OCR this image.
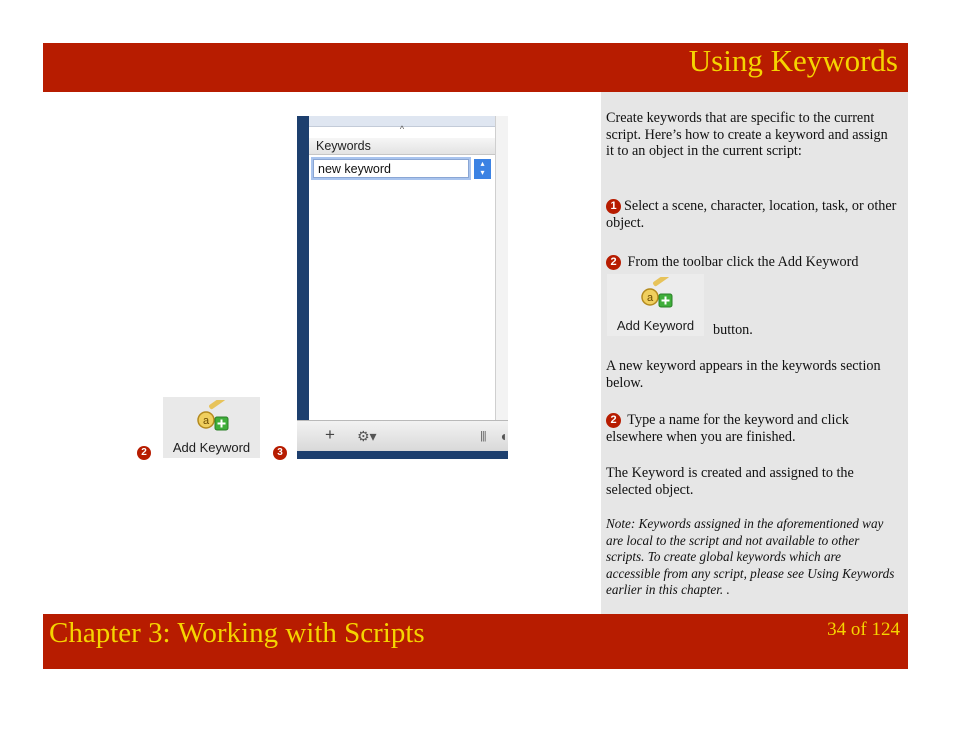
Using Keywords
a
Add Keyword
2	3
^
Keywords
new keyword	▴
▾
+ ⚙▾	||| ◖

Create keywords that are specific to the current script. Here’s how to create a keyword and assign it to an object in the current script:

1 Select a scene, character, location, task, or other object.

2 From the toolbar click the Add Keyword

a
Add Keyword	button.

A new keyword appears in the keywords section below.

2 Type a name for the keyword and click elsewhere when you are finished.

The Keyword is created and assigned to the selected object.

Note: Keywords assigned in the aforementioned way are local to the script and not available to other scripts. To create global keywords which are accessible from any script, please see Using Keywords earlier in this chapter. .

Chapter 3: Working with Scripts	34 of 124
